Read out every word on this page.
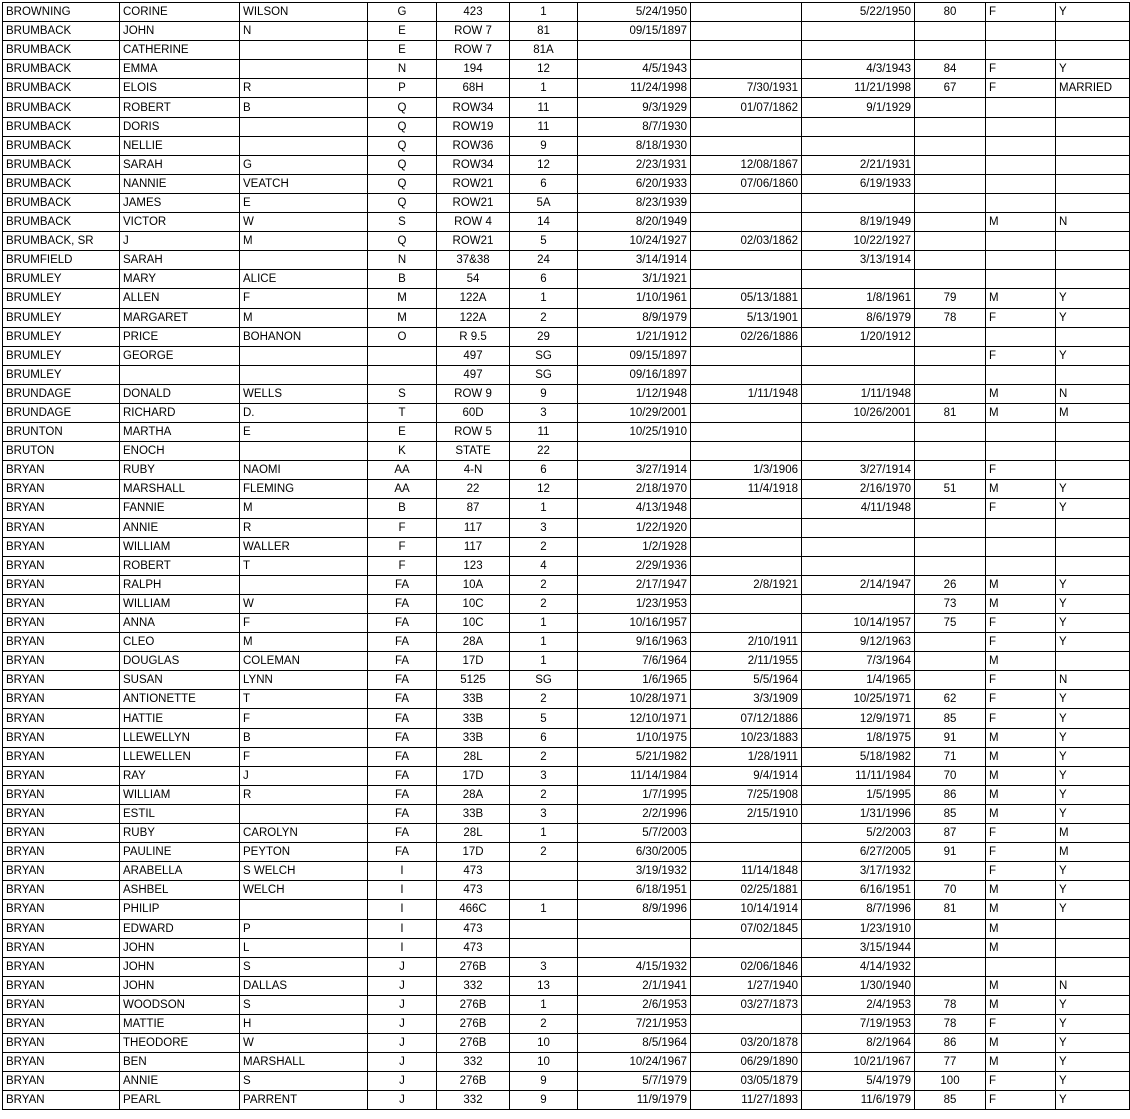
BROWNING	CORINE	WILSON	G	423	1	5/24/1950		5/22/1950	80	F	Y
BRUMBACK	JOHN	N	E	ROW 7	81	09/15/1897					
BRUMBACK	CATHERINE		E	ROW 7	81A						
BRUMBACK	EMMA		N	194	12	4/5/1943		4/3/1943	84	F	Y
BRUMBACK	ELOIS	R	P	68H	1	11/24/1998	7/30/1931	11/21/1998	67	F	MARRIED
BRUMBACK	ROBERT	B	Q	ROW34	11	9/3/1929	01/07/1862	9/1/1929			
BRUMBACK	DORIS		Q	ROW19	11	8/7/1930					
BRUMBACK	NELLIE		Q	ROW36	9	8/18/1930					
BRUMBACK	SARAH	G	Q	ROW34	12	2/23/1931	12/08/1867	2/21/1931			
BRUMBACK	NANNIE	VEATCH	Q	ROW21	6	6/20/1933	07/06/1860	6/19/1933			
BRUMBACK	JAMES	E	Q	ROW21	5A	8/23/1939					
BRUMBACK	VICTOR	W	S	ROW 4	14	8/20/1949		8/19/1949		M	N
BRUMBACK, SR	J	M	Q	ROW21	5	10/24/1927	02/03/1862	10/22/1927			
BRUMFIELD	SARAH		N	37&38	24	3/14/1914		3/13/1914			
BRUMLEY	MARY	ALICE	B	54	6	3/1/1921					
BRUMLEY	ALLEN	F	M	122A	1	1/10/1961	05/13/1881	1/8/1961	79	M	Y
BRUMLEY	MARGARET	M	M	122A	2	8/9/1979	5/13/1901	8/6/1979	78	F	Y
BRUMLEY	PRICE	BOHANON	O	R 9.5	29	1/21/1912	02/26/1886	1/20/1912			
BRUMLEY	GEORGE			497	SG	09/15/1897				F	Y
BRUMLEY				497	SG	09/16/1897					
BRUNDAGE	DONALD	WELLS	S	ROW 9	9	1/12/1948	1/11/1948	1/11/1948		M	N
BRUNDAGE	RICHARD	D.	T	60D	3	10/29/2001		10/26/2001	81	M	M
BRUNTON	MARTHA	E	E	ROW 5	11	10/25/1910					
BRUTON	ENOCH		K	STATE	22						
BRYAN	RUBY	NAOMI	AA	4-N	6	3/27/1914	1/3/1906	3/27/1914		F	
BRYAN	MARSHALL	FLEMING	AA	22	12	2/18/1970	11/4/1918	2/16/1970	51	M	Y
BRYAN	FANNIE	M	B	87	1	4/13/1948		4/11/1948		F	Y
BRYAN	ANNIE	R	F	117	3	1/22/1920					
BRYAN	WILLIAM	WALLER	F	117	2	1/2/1928					
BRYAN	ROBERT	T	F	123	4	2/29/1936					
BRYAN	RALPH		FA	10A	2	2/17/1947	2/8/1921	2/14/1947	26	M	Y
BRYAN	WILLIAM	W	FA	10C	2	1/23/1953			73	M	Y
BRYAN	ANNA	F	FA	10C	1	10/16/1957		10/14/1957	75	F	Y
BRYAN	CLEO	M	FA	28A	1	9/16/1963	2/10/1911	9/12/1963		F	Y
BRYAN	DOUGLAS	COLEMAN	FA	17D	1	7/6/1964	2/11/1955	7/3/1964		M	
BRYAN	SUSAN	LYNN	FA	5125	SG	1/6/1965	5/5/1964	1/4/1965		F	N
BRYAN	ANTIONETTE	T	FA	33B	2	10/28/1971	3/3/1909	10/25/1971	62	F	Y
BRYAN	HATTIE	F	FA	33B	5	12/10/1971	07/12/1886	12/9/1971	85	F	Y
BRYAN	LLEWELLYN	B	FA	33B	6	1/10/1975	10/23/1883	1/8/1975	91	M	Y
BRYAN	LLEWELLEN	F	FA	28L	2	5/21/1982	1/28/1911	5/18/1982	71	M	Y
BRYAN	RAY	J	FA	17D	3	11/14/1984	9/4/1914	11/11/1984	70	M	Y
BRYAN	WILLIAM	R	FA	28A	2	1/7/1995	7/25/1908	1/5/1995	86	M	Y
BRYAN	ESTIL		FA	33B	3	2/2/1996	2/15/1910	1/31/1996	85	M	Y
BRYAN	RUBY	CAROLYN	FA	28L	1	5/7/2003		5/2/2003	87	F	M
BRYAN	PAULINE	PEYTON	FA	17D	2	6/30/2005		6/27/2005	91	F	M
BRYAN	ARABELLA	S WELCH	I	473		3/19/1932	11/14/1848	3/17/1932		F	Y
BRYAN	ASHBEL	WELCH	I	473		6/18/1951	02/25/1881	6/16/1951	70	M	Y
BRYAN	PHILIP		I	466C	1	8/9/1996	10/14/1914	8/7/1996	81	M	Y
BRYAN	EDWARD	P	I	473			07/02/1845	1/23/1910		M	
BRYAN	JOHN	L	I	473				3/15/1944		M	
BRYAN	JOHN	S	J	276B	3	4/15/1932	02/06/1846	4/14/1932			
BRYAN	JOHN	DALLAS	J	332	13	2/1/1941	1/27/1940	1/30/1940		M	N
BRYAN	WOODSON	S	J	276B	1	2/6/1953	03/27/1873	2/4/1953	78	M	Y
BRYAN	MATTIE	H	J	276B	2	7/21/1953		7/19/1953	78	F	Y
BRYAN	THEODORE	W	J	276B	10	8/5/1964	03/20/1878	8/2/1964	86	M	Y
BRYAN	BEN	MARSHALL	J	332	10	10/24/1967	06/29/1890	10/21/1967	77	M	Y
BRYAN	ANNIE	S	J	276B	9	5/7/1979	03/05/1879	5/4/1979	100	F	Y
BRYAN	PEARL	PARRENT	J	332	9	11/9/1979	11/27/1893	11/6/1979	85	F	Y
